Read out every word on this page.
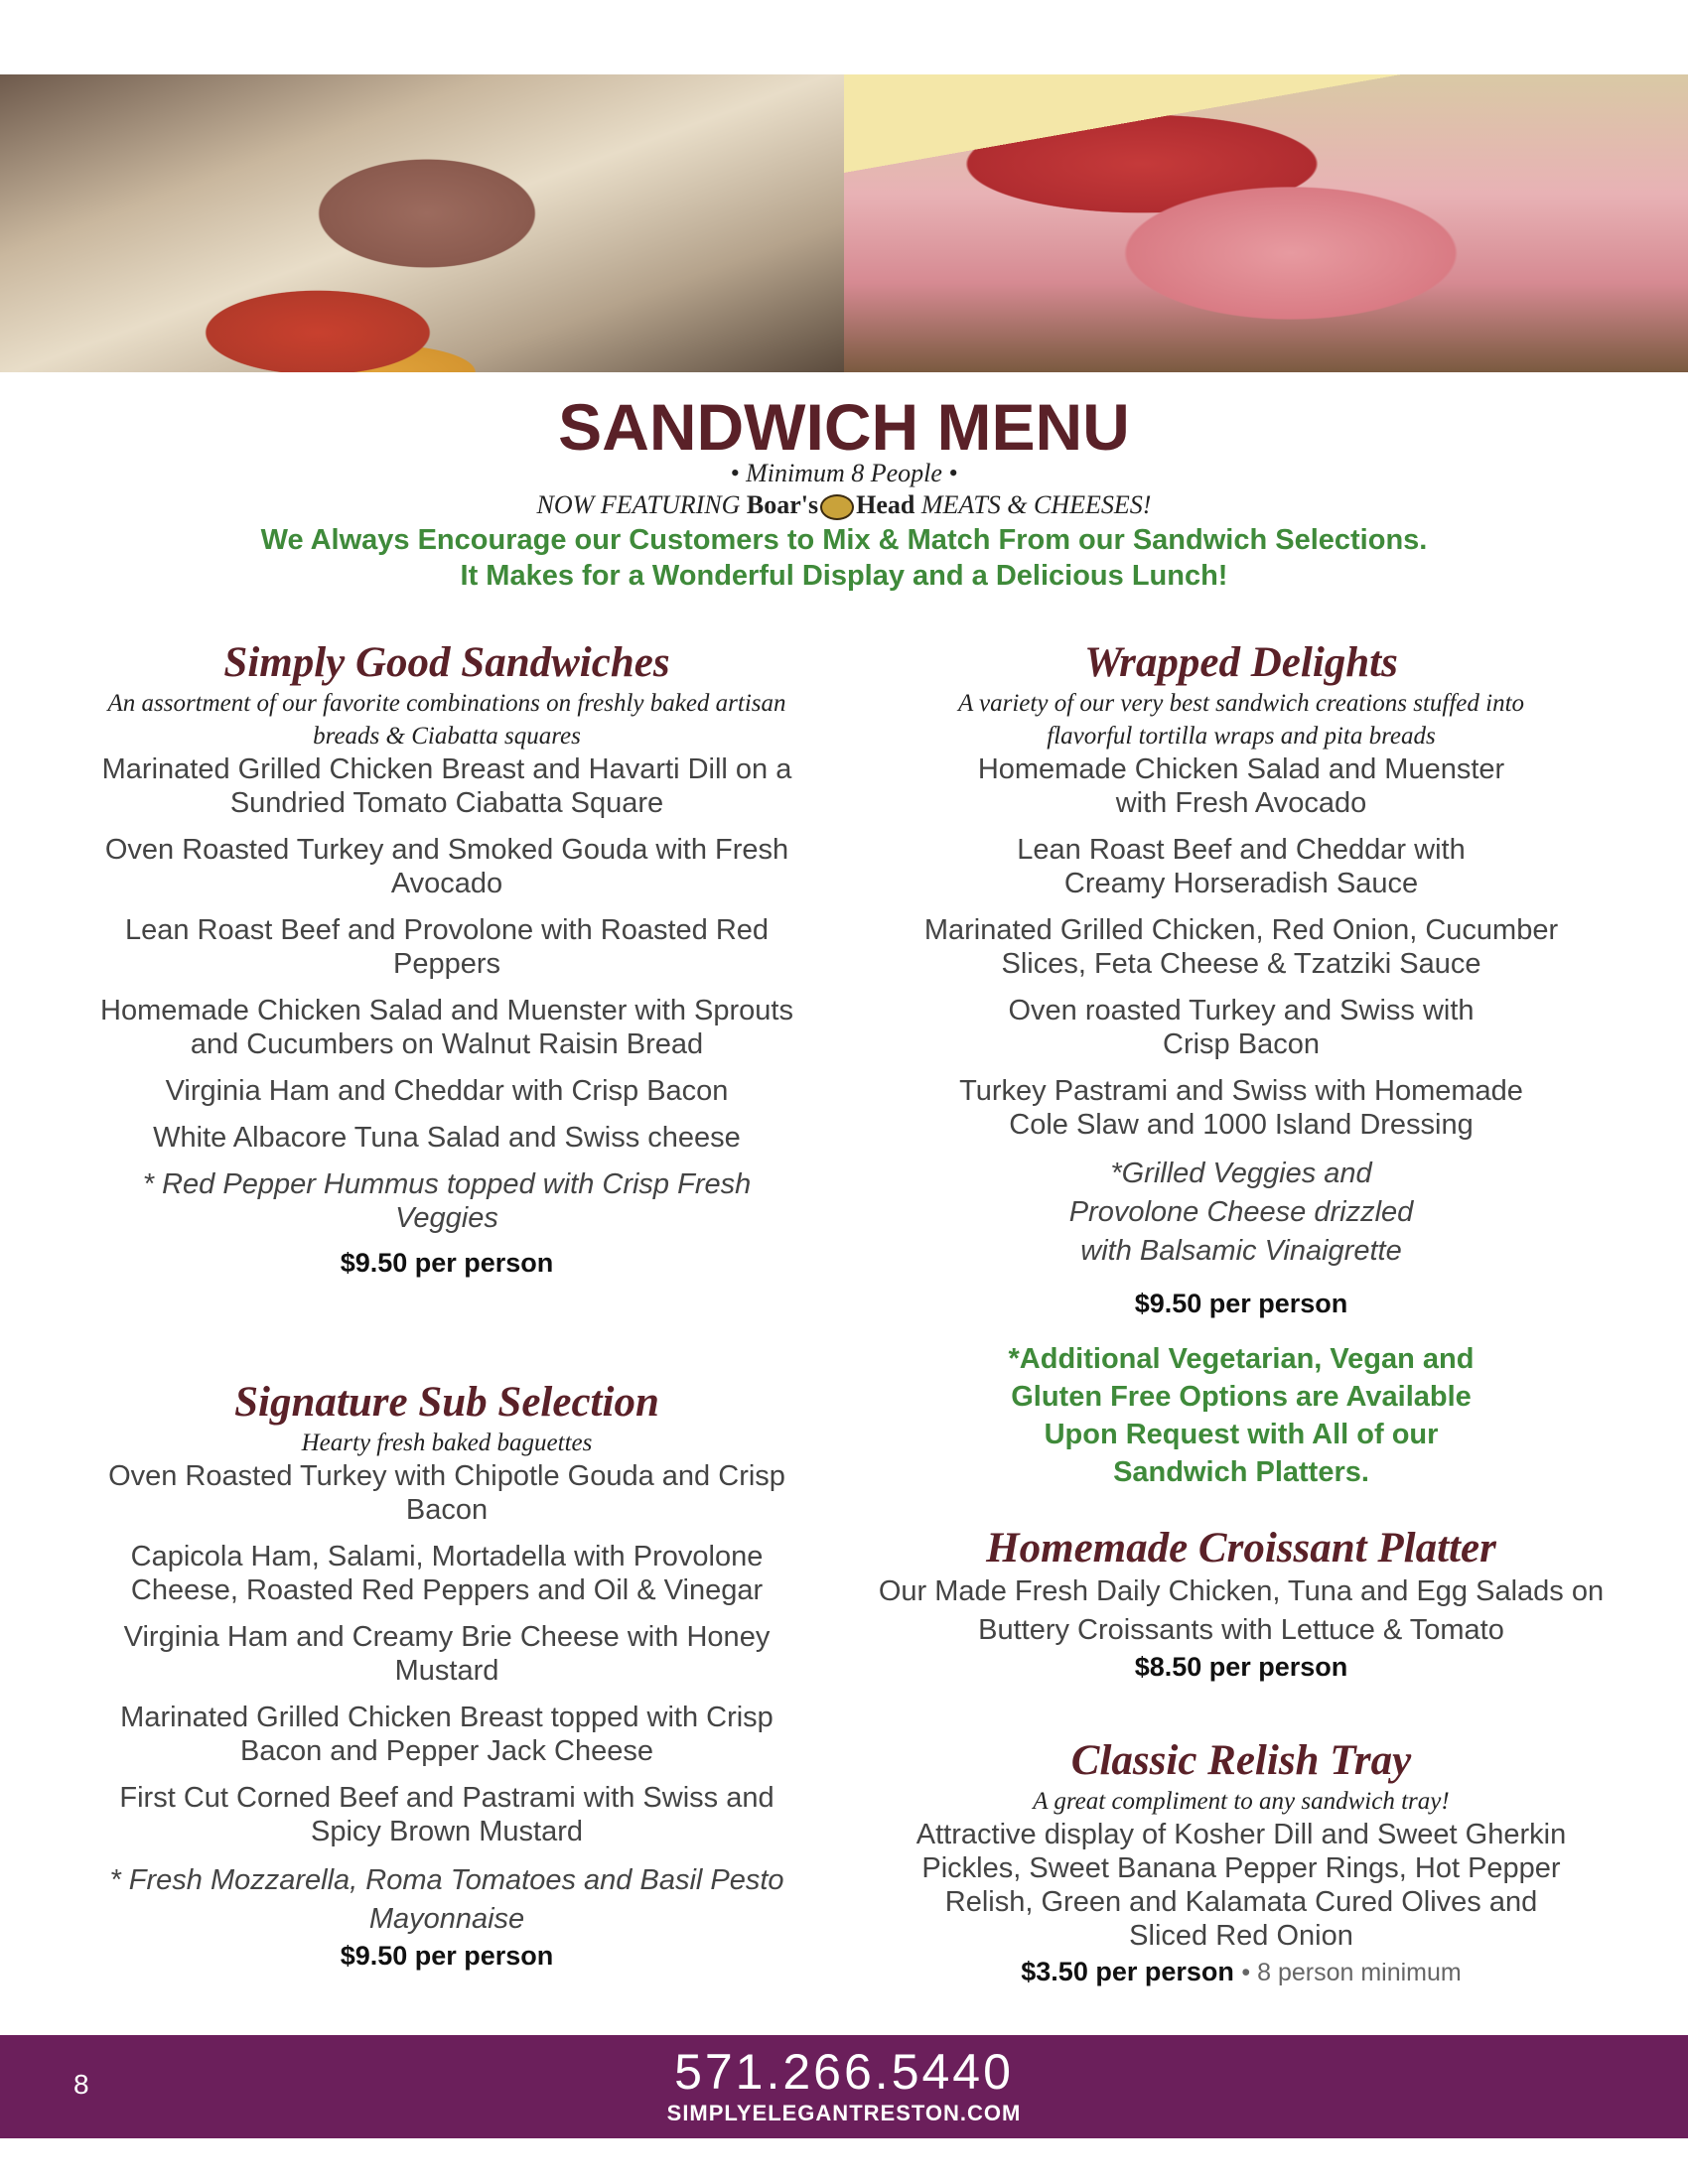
SANDWICH MENU
• Minimum 8 People •
NOW FEATURING Boar's Head MEATS & CHEESES!
We Always Encourage our Customers to Mix & Match From our Sandwich Selections.
It Makes for a Wonderful Display and a Delicious Lunch!
Simply Good Sandwiches

An assortment of our favorite combinations on freshly baked artisan breads & Ciabatta squares

Marinated Grilled Chicken Breast and Havarti Dill on a Sundried Tomato Ciabatta Square

Oven Roasted Turkey and Smoked Gouda with Fresh Avocado

Lean Roast Beef and Provolone with Roasted Red Peppers

Homemade Chicken Salad and Muenster with Sprouts and Cucumbers on Walnut Raisin Bread

Virginia Ham and Cheddar with Crisp Bacon

White Albacore Tuna Salad and Swiss cheese

* Red Pepper Hummus topped with Crisp Fresh Veggies

$9.50 per person
Signature Sub Selection

Hearty fresh baked baguettes

Oven Roasted Turkey with Chipotle Gouda and Crisp Bacon

Capicola Ham, Salami, Mortadella with Provolone Cheese, Roasted Red Peppers and Oil & Vinegar

Virginia Ham and Creamy Brie Cheese with Honey Mustard

Marinated Grilled Chicken Breast topped with Crisp Bacon and Pepper Jack Cheese

First Cut Corned Beef and Pastrami with Swiss and Spicy Brown Mustard

* Fresh Mozzarella, Roma Tomatoes and Basil Pesto Mayonnaise

$9.50 per person
Wrapped Delights

A variety of our very best sandwich creations stuffed into flavorful tortilla wraps and pita breads

Homemade Chicken Salad and Muenster with Fresh Avocado

Lean Roast Beef and Cheddar with Creamy Horseradish Sauce

Marinated Grilled Chicken, Red Onion, Cucumber Slices, Feta Cheese & Tzatziki Sauce

Oven roasted Turkey and Swiss with Crisp Bacon

Turkey Pastrami and Swiss with Homemade Cole Slaw and 1000 Island Dressing

*Grilled Veggies and Provolone Cheese drizzled with Balsamic Vinaigrette

$9.50 per person
*Additional Vegetarian, Vegan and Gluten Free Options are Available Upon Request with All of our Sandwich Platters.
Homemade Croissant Platter

Our Made Fresh Daily Chicken, Tuna and Egg Salads on Buttery Croissants with Lettuce & Tomato

$8.50 per person
Classic Relish Tray

A great compliment to any sandwich tray!

Attractive display of Kosher Dill and Sweet Gherkin Pickles, Sweet Banana Pepper Rings, Hot Pepper Relish, Green and Kalamata Cured Olives and Sliced Red Onion

$3.50 per person • 8 person minimum
8	571.266.5440
SIMPLYELEGANTRESTON.COM
